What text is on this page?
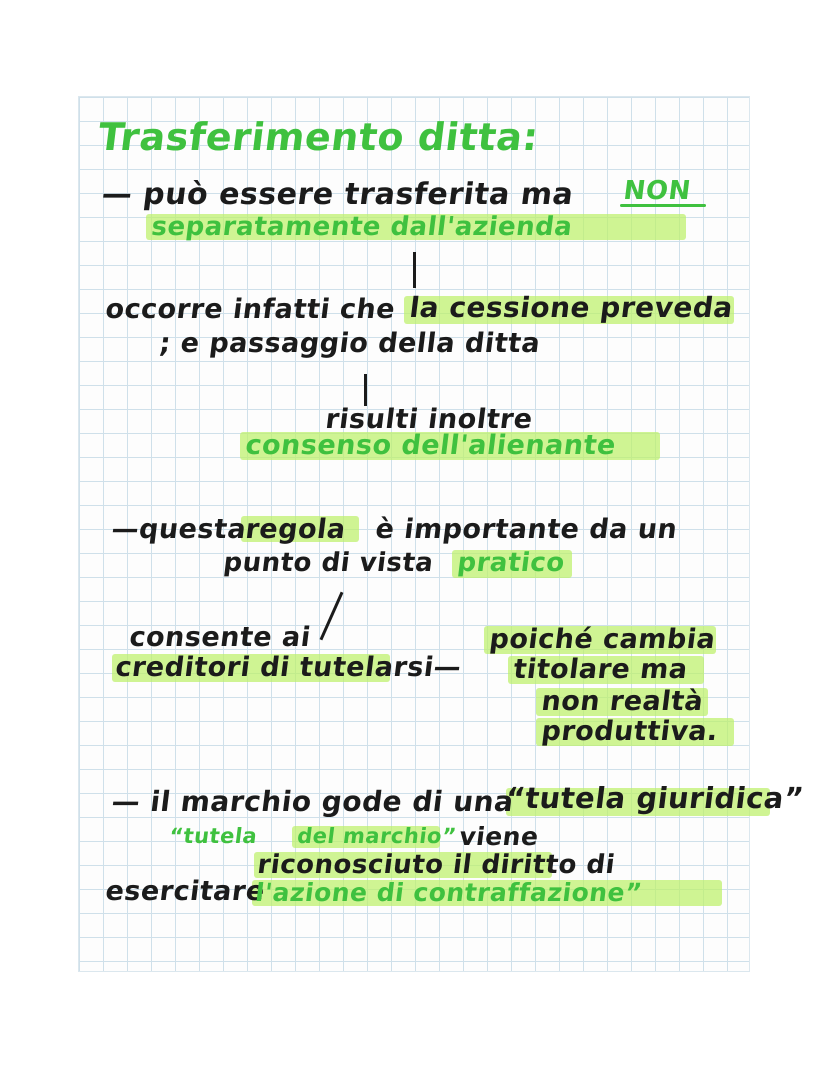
Trasferimento ditta:
— può essere trasferita ma NON
separatamente dall'azienda
occorre infatti che la cessione preveda
; e passaggio della ditta
risulti inoltre
consenso dell'alienante
—questa
regola è importante da un
punto di vista pratico
consente ai
creditori di tutelarsi
—
poiché cambia
titolare ma
non realtà
produttiva.
— il marchio gode di una
“tutela giuridica”
“tutela del marchio” viene
riconosciuto il diritto di
esercitare
l'azione di contraffazione”
